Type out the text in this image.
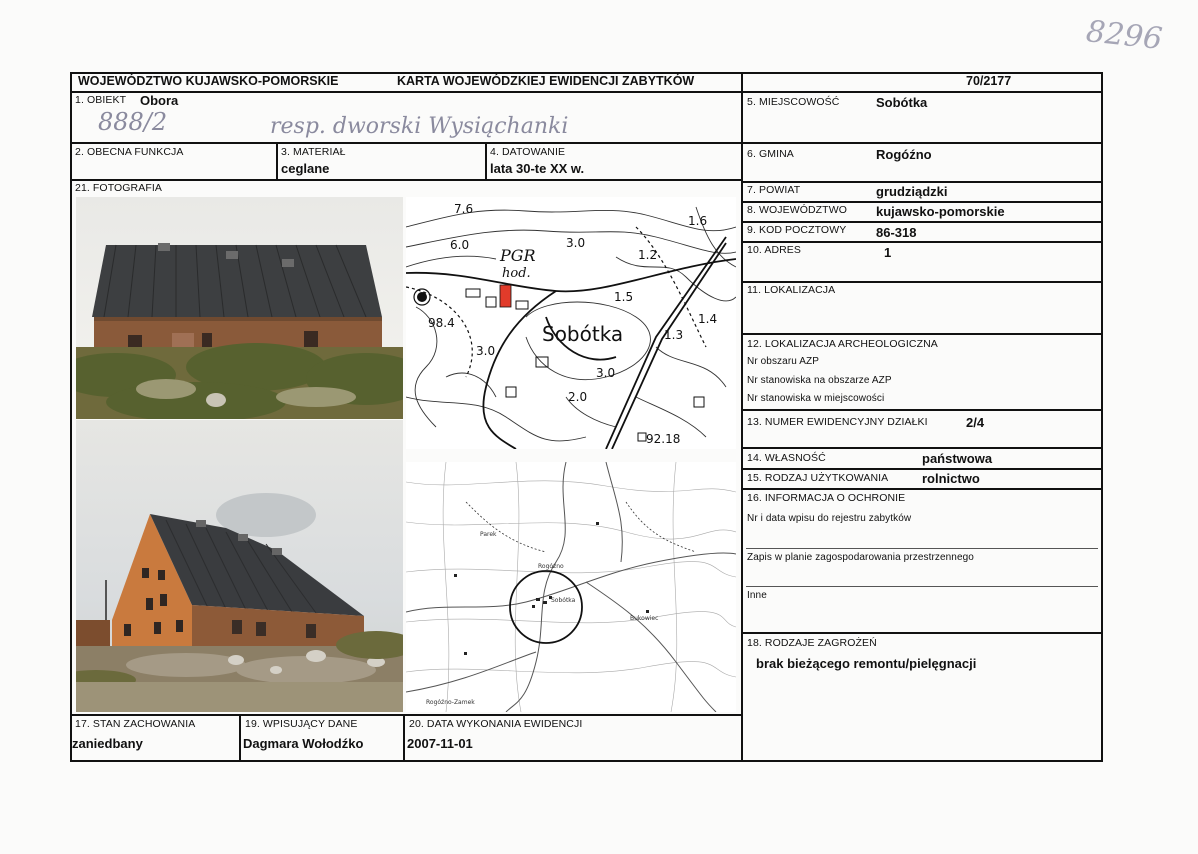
8296
WOJEWÓDZTWO KUJAWSKO-POMORSKIE	KARTA WOJEWÓDZKIEJ EWIDENCJI ZABYTKÓW	70/2177
1. OBIEKT Obora
888/2	resp. dworski Wysiąchanki
5. MIEJSCOWOŚĆ	Sobótka
2. OBECNA FUNKCJA	3. MATERIAŁ
ceglane
4. DATOWANIE
lata 30-te XX w.
6. GMINA	Rogóźno
7. POWIAT	grudziądzki
8. WOJEWÓDZTWO kujawsko-pomorskie
9. KOD POCZTOWY 86-318
10. ADRES	1
11. LOKALIZACJA
12. LOKALIZACJA ARCHEOLOGICZNA
Nr obszaru AZP
Nr stanowiska na obszarze AZP
Nr stanowiska w miejscowości
13. NUMER EWIDENCYJNY DZIAŁKI	2/4
14. WŁASNOŚĆ	państwowa
15. RODZAJ UŻYTKOWANIA	rolnictwo
16. INFORMACJA O OCHRONIE
Nr i data wpisu do rejestru zabytków
Zapis w planie zagospodarowania przestrzennego
Inne
18. RODZAJE ZAGROŻEŃ
brak bieżącego remontu/pielęgnacji
21. FOTOGRAFIA
7.6
6.0	3.0
1.2
1.6
1.5
1.3
1.4
98.4
3.0
3.0
2.0
92.18
PGR
hod.
Sobótka
Sobótka
Bukowiec
Parek
Rogóźno-Zamek
Rogóźno
17. STAN ZACHOWANIA
zaniedbany
19. WPISUJĄCY DANE
Dagmara Wołodźko
20. DATA WYKONANIA EWIDENCJI
2007-11-01
